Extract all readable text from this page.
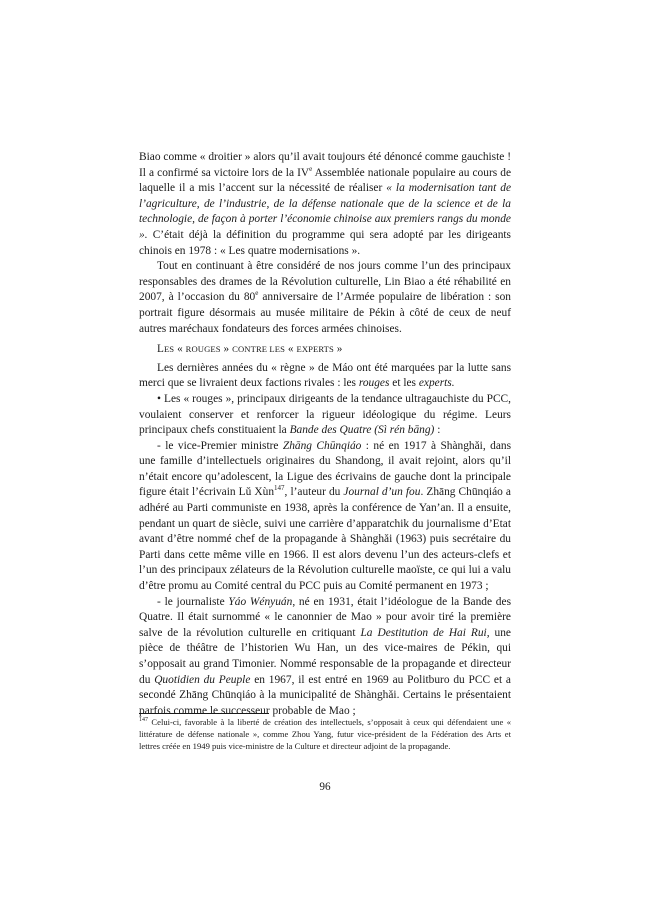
Biao comme « droitier » alors qu’il avait toujours été dénoncé comme gauchiste ! Il a confirmé sa victoire lors de la IVe Assemblée nationale populaire au cours de laquelle il a mis l’accent sur la nécessité de réaliser « la modernisation tant de l’agriculture, de l’industrie, de la défense nationale que de la science et de la technologie, de façon à porter l’économie chinoise aux premiers rangs du monde ». C’était déjà la définition du programme qui sera adopté par les dirigeants chinois en 1978 : « Les quatre modernisations ».

Tout en continuant à être considéré de nos jours comme l’un des principaux responsables des drames de la Révolution culturelle, Lin Biao a été réhabilité en 2007, à l’occasion du 80e anniversaire de l’Armée populaire de libération : son portrait figure désormais au musée militaire de Pékin à côté de ceux de neuf autres maréchaux fondateurs des forces armées chinoises.

LES « ROUGES » CONTRE LES « EXPERTS »

Les dernières années du « règne » de Máo ont été marquées par la lutte sans merci que se livraient deux factions rivales : les rouges et les experts.

• Les « rouges », principaux dirigeants de la tendance ultragauchiste du PCC, voulaient conserver et renforcer la rigueur idéologique du régime. Leurs principaux chefs constituaient la Bande des Quatre (Sì rén bāng) :

- le vice-Premier ministre Zhāng Chūnqiáo : né en 1917 à Shànghǎi, dans une famille d’intellectuels originaires du Shandong, il avait rejoint, alors qu’il n’était encore qu’adolescent, la Ligue des écrivains de gauche dont la principale figure était l’écrivain Lǔ Xùn$^{147}$, l’auteur du Journal d’un fou. Zhāng Chūnqiáo a adhéré au Parti communiste en 1938, après la conférence de Yan’an. Il a ensuite, pendant un quart de siècle, suivi une carrière d’apparatchik du journalisme d’Etat avant d’être nommé chef de la propagande à Shànghǎi (1963) puis secrétaire du Parti dans cette même ville en 1966. Il est alors devenu l’un des acteurs-clefs et l’un des principaux zélateurs de la Révolution culturelle maoïste, ce qui lui a valu d’être promu au Comité central du PCC puis au Comité permanent en 1973 ;

- le journaliste Yáo Wényuán, né en 1931, était l’idéologue de la Bande des Quatre. Il était surnommé « le canonnier de Mao » pour avoir tiré la première salve de la révolution culturelle en critiquant La Destitution de Hai Rui, une pièce de théâtre de l’historien Wu Han, un des vice-maires de Pékin, qui s’opposait au grand Timonier. Nommé responsable de la propagande et directeur du Quotidien du Peuple en 1967, il est entré en 1969 au Politburo du PCC et a secondé Zhāng Chūnqiáo à la municipalité de Shànghǎi. Certains le présentaient parfois comme le successeur probable de Mao ;

$^{147}$ Celui-ci, favorable à la liberté de création des intellectuels, s’opposait à ceux qui défendaient une « littérature de défense nationale », comme Zhou Yang, futur vice-président de la Fédération des Arts et lettres créée en 1949 puis vice-ministre de la Culture et directeur adjoint de la propagande.

96
